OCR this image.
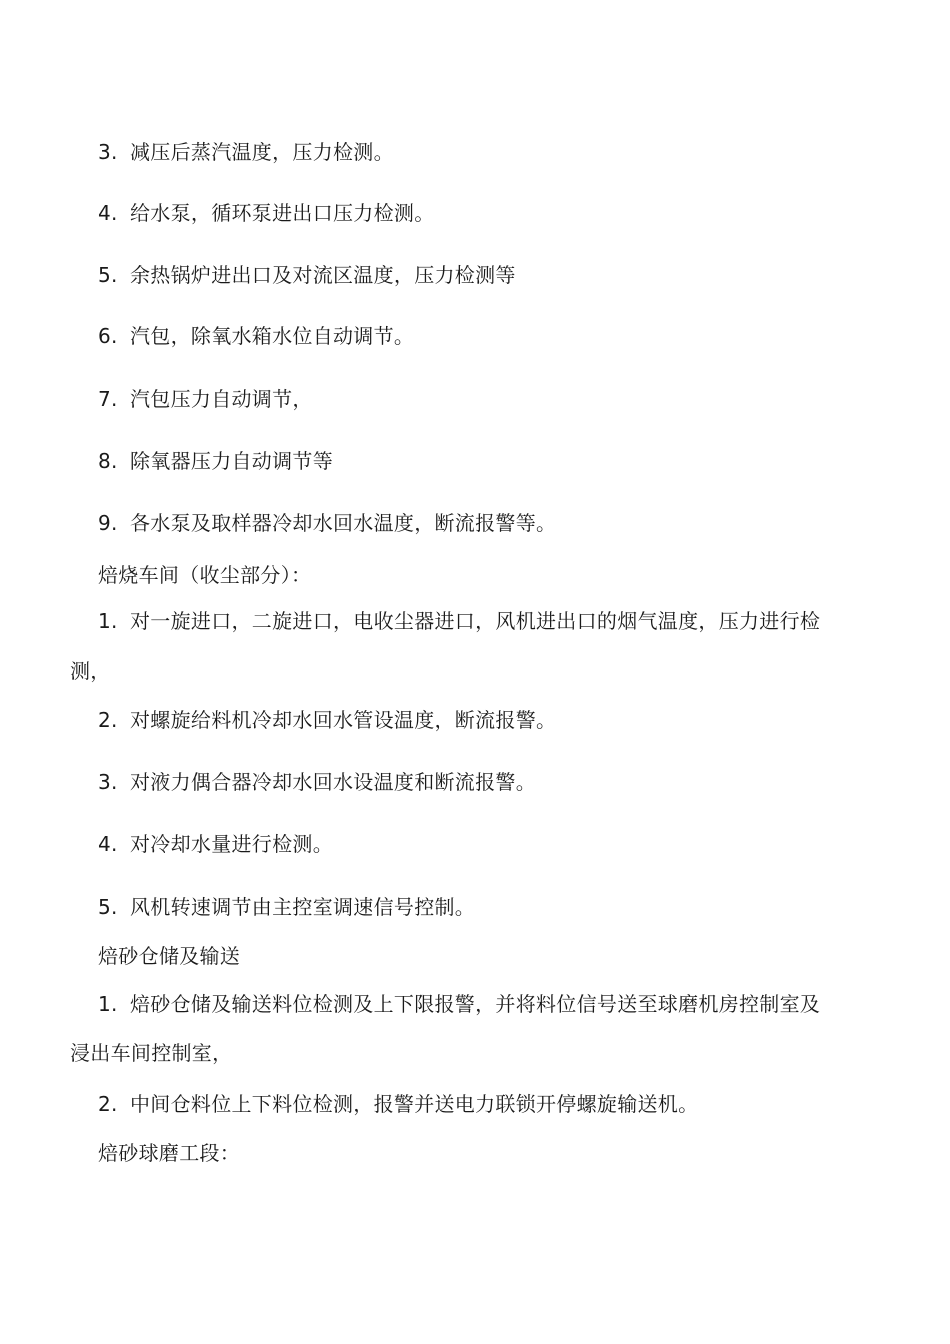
3. 减压后蒸汽温度，压力检测。
4. 给水泵，循环泵进出口压力检测。
5. 余热锅炉进出口及对流区温度，压力检测等
6. 汽包，除氧水箱水位自动调节。
7. 汽包压力自动调节，
8. 除氧器压力自动调节等
9. 各水泵及取样器冷却水回水温度，断流报警等。
焙烧车间（收尘部分）：
1. 对一旋进口，二旋进口，电收尘器进口，风机进出口的烟气温度，压力进行检
测，
2. 对螺旋给料机冷却水回水管设温度，断流报警。
3. 对液力偶合器冷却水回水设温度和断流报警。
4. 对冷却水量进行检测。
5. 风机转速调节由主控室调速信号控制。
焙砂仓储及输送
1. 焙砂仓储及输送料位检测及上下限报警，并将料位信号送至球磨机房控制室及
浸出车间控制室，
2. 中间仓料位上下料位检测，报警并送电力联锁开停螺旋输送机。
焙砂球磨工段：
